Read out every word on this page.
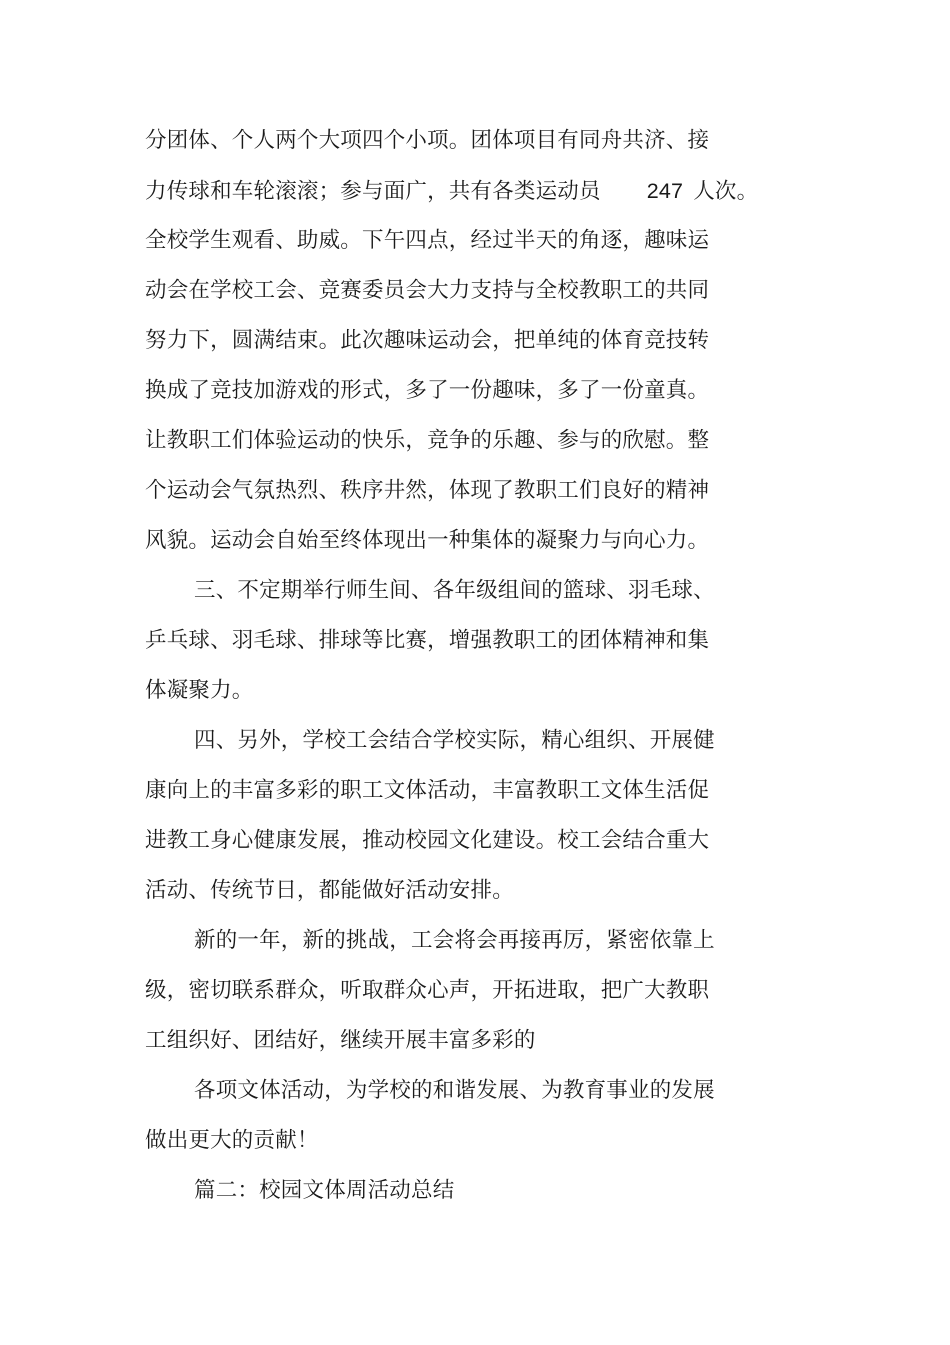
分团体、个人两个大项四个小项。团体项目有同舟共济、接
力传球和车轮滚滚；参与面广，共有各类运动员 247 人次。
全校学生观看、助威。下午四点，经过半天的角逐，趣味运
动会在学校工会、竞赛委员会大力支持与全校教职工的共同
努力下，圆满结束。此次趣味运动会，把单纯的体育竞技转
换成了竞技加游戏的形式，多了一份趣味，多了一份童真。
让教职工们体验运动的快乐，竞争的乐趣、参与的欣慰。整
个运动会气氛热烈、秩序井然，体现了教职工们良好的精神
风貌。运动会自始至终体现出一种集体的凝聚力与向心力。
三、不定期举行师生间、各年级组间的篮球、羽毛球、
乒乓球、羽毛球、排球等比赛，增强教职工的团体精神和集
体凝聚力。
四、另外，学校工会结合学校实际，精心组织、开展健
康向上的丰富多彩的职工文体活动，丰富教职工文体生活促
进教工身心健康发展，推动校园文化建设。校工会结合重大
活动、传统节日，都能做好活动安排。
新的一年，新的挑战，工会将会再接再厉，紧密依靠上
级，密切联系群众，听取群众心声，开拓进取，把广大教职
工组织好、团结好，继续开展丰富多彩的
各项文体活动，为学校的和谐发展、为教育事业的发展
做出更大的贡献！
篇二：校园文体周活动总结
